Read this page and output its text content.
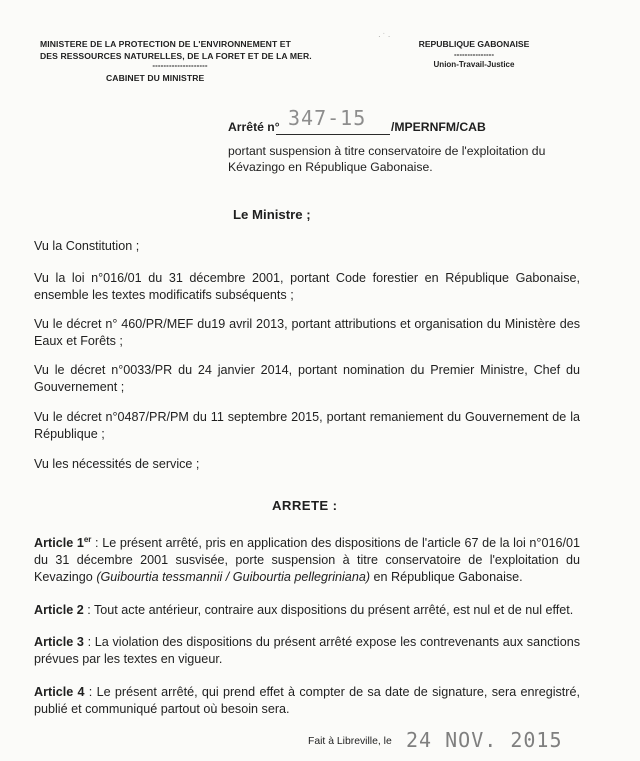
· ˙ ·
MINISTERE DE LA PROTECTION DE L'ENVIRONNEMENT ET
DES RESSOURCES NATURELLES, DE LA FORET ET DE LA MER.
--------------------
CABINET DU MINISTRE
REPUBLIQUE GABONAISE
---------------
Union-Travail-Justice
Arrêté n° 347-15 /MPERNFM/CAB
portant suspension à titre conservatoire de l'exploitation du Kévazingo en République Gabonaise.
Le Ministre ;
Vu la Constitution ;
Vu la loi n°016/01 du 31 décembre 2001, portant Code forestier en République Gabonaise, ensemble les textes modificatifs subséquents ;
Vu le décret n° 460/PR/MEF du19 avril 2013, portant attributions et organisation du Ministère des Eaux et Forêts ;
Vu le décret n°0033/PR du 24 janvier 2014, portant nomination du Premier Ministre, Chef du Gouvernement ;
Vu le décret n°0487/PR/PM du 11 septembre 2015, portant remaniement du Gouvernement de la République ;
Vu les nécessités de service ;
ARRETE :
Article 1er : Le présent arrêté, pris en application des dispositions de l'article 67 de la loi n°016/01 du 31 décembre 2001 susvisée, porte suspension à titre conservatoire de l'exploitation du Kevazingo (Guibourtia tessmannii / Guibourtia pellegriniana) en République Gabonaise.
Article 2 : Tout acte antérieur, contraire aux dispositions du présent arrêté, est nul et de nul effet.
Article 3 : La violation des dispositions du présent arrêté expose les contrevenants aux sanctions prévues par les textes en vigueur.
Article 4 : Le présent arrêté, qui prend effet à compter de sa date de signature, sera enregistré, publié et communiqué partout où besoin sera.
Fait à Libreville, le 24 NOV. 2015
